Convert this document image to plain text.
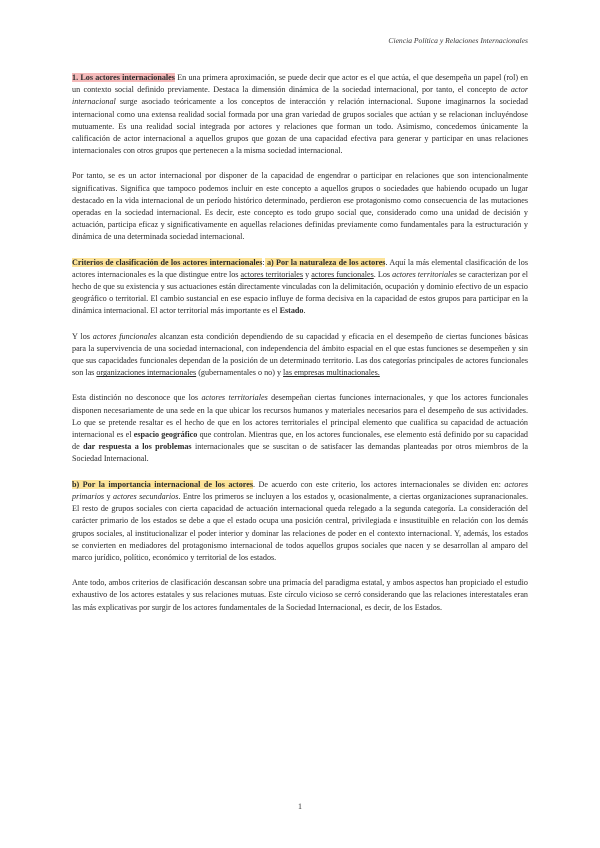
Ciencia Política y Relaciones Internacionales

1. Los actores internacionales En una primera aproximación, se puede decir que actor es el que actúa, el que desempeña un papel (rol) en un contexto social definido previamente. Destaca la dimensión dinámica de la sociedad internacional, por tanto, el concepto de actor internacional surge asociado teóricamente a los conceptos de interacción y relación internacional. Supone imaginarnos la sociedad internacional como una extensa realidad social formada por una gran variedad de grupos sociales que actúan y se relacionan incluyéndose mutuamente. Es una realidad social integrada por actores y relaciones que forman un todo. Asimismo, concedemos únicamente la calificación de actor internacional a aquellos grupos que gozan de una capacidad efectiva para generar y participar en unas relaciones internacionales con otros grupos que pertenecen a la misma sociedad internacional.

Por tanto, se es un actor internacional por disponer de la capacidad de engendrar o participar en relaciones que son intencionalmente significativas. Significa que tampoco podemos incluir en este concepto a aquellos grupos o sociedades que habiendo ocupado un lugar destacado en la vida internacional de un período histórico determinado, perdieron ese protagonismo como consecuencia de las mutaciones operadas en la sociedad internacional. Es decir, este concepto es todo grupo social que, considerado como una unidad de decisión y actuación, participa eficaz y significativamente en aquellas relaciones definidas previamente como fundamentales para la estructuración y dinámica de una determinada sociedad internacional.

Criterios de clasificación de los actores internacionales: a) Por la naturaleza de los actores. Aquí la más elemental clasificación de los actores internacionales es la que distingue entre los actores territoriales y actores funcionales. Los actores territoriales se caracterizan por el hecho de que su existencia y sus actuaciones están directamente vinculadas con la delimitación, ocupación y dominio efectivo de un espacio geográfico o territorial. El cambio sustancial en ese espacio influye de forma decisiva en la capacidad de estos grupos para participar en la dinámica internacional. El actor territorial más importante es el Estado.

Y los actores funcionales alcanzan esta condición dependiendo de su capacidad y eficacia en el desempeño de ciertas funciones básicas para la supervivencia de una sociedad internacional, con independencia del ámbito espacial en el que estas funciones se desempeñen y sin que sus capacidades funcionales dependan de la posición de un determinado territorio. Las dos categorías principales de actores funcionales son las organizaciones internacionales (gubernamentales o no) y las empresas multinacionales.

Esta distinción no desconoce que los actores territoriales desempeñan ciertas funciones internacionales, y que los actores funcionales disponen necesariamente de una sede en la que ubicar los recursos humanos y materiales necesarios para el desempeño de sus actividades. Lo que se pretende resaltar es el hecho de que en los actores territoriales el principal elemento que cualifica su capacidad de actuación internacional es el espacio geográfico que controlan. Mientras que, en los actores funcionales, ese elemento está definido por su capacidad de dar respuesta a los problemas internacionales que se suscitan o de satisfacer las demandas planteadas por otros miembros de la Sociedad Internacional.

b) Por la importancia internacional de los actores. De acuerdo con este criterio, los actores internacionales se dividen en: actores primarios y actores secundarios. Entre los primeros se incluyen a los estados y, ocasionalmente, a ciertas organizaciones supranacionales. El resto de grupos sociales con cierta capacidad de actuación internacional queda relegado a la segunda categoría. La consideración del carácter primario de los estados se debe a que el estado ocupa una posición central, privilegiada e insustituible en relación con los demás grupos sociales, al institucionalizar el poder interior y dominar las relaciones de poder en el contexto internacional. Y, además, los estados se convierten en mediadores del protagonismo internacional de todos aquellos grupos sociales que nacen y se desarrollan al amparo del marco jurídico, político, económico y territorial de los estados.

Ante todo, ambos criterios de clasificación descansan sobre una primacía del paradigma estatal, y ambos aspectos han propiciado el estudio exhaustivo de los actores estatales y sus relaciones mutuas. Este círculo vicioso se cerró considerando que las relaciones interestatales eran las más explicativas por surgir de los actores fundamentales de la Sociedad Internacional, es decir, de los Estados.

1
